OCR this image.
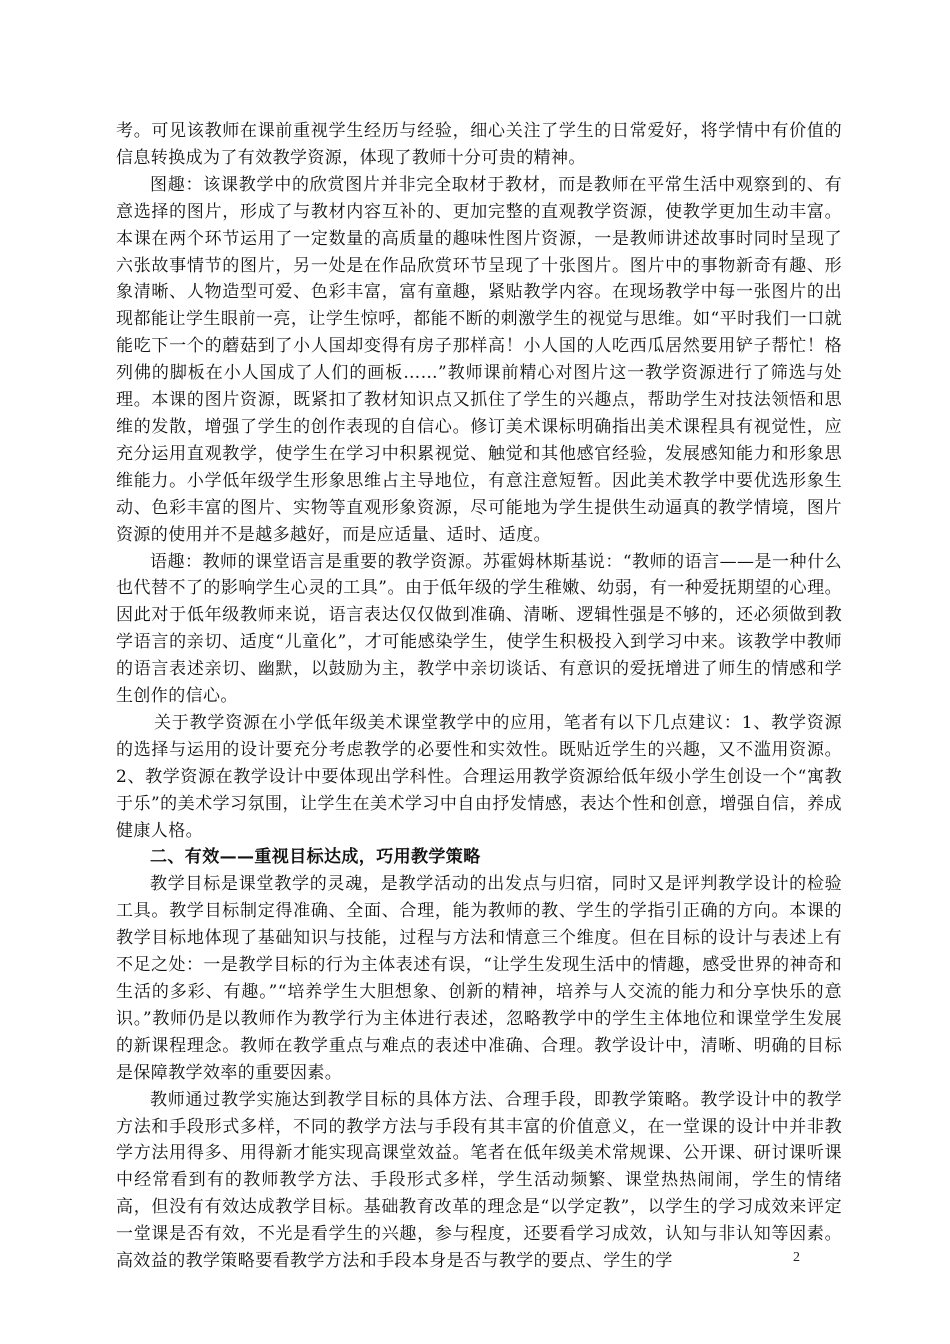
考。可见该教师在课前重视学生经历与经验，细心关注了学生的日常爱好，将学情中有价值的信息转换成为了有效教学资源，体现了教师十分可贵的精神。

图趣：该课教学中的欣赏图片并非完全取材于教材，而是教师在平常生活中观察到的、有意选择的图片，形成了与教材内容互补的、更加完整的直观教学资源，使教学更加生动丰富。本课在两个环节运用了一定数量的高质量的趣味性图片资源，一是教师讲述故事时同时呈现了六张故事情节的图片，另一处是在作品欣赏环节呈现了十张图片。图片中的事物新奇有趣、形象清晰、人物造型可爱、色彩丰富，富有童趣，紧贴教学内容。在现场教学中每一张图片的出现都能让学生眼前一亮，让学生惊呼，都能不断的刺激学生的视觉与思维。如“平时我们一口就能吃下一个的蘑菇到了小人国却变得有房子那样高！小人国的人吃西瓜居然要用铲子帮忙！格列佛的脚板在小人国成了人们的画板……”教师课前精心对图片这一教学资源进行了筛选与处理。本课的图片资源，既紧扣了教材知识点又抓住了学生的兴趣点，帮助学生对技法领悟和思维的发散，增强了学生的创作表现的自信心。修订美术课标明确指出美术课程具有视觉性，应充分运用直观教学，使学生在学习中积累视觉、触觉和其他感官经验，发展感知能力和形象思维能力。小学低年级学生形象思维占主导地位，有意注意短暂。因此美术教学中要优选形象生动、色彩丰富的图片、实物等直观形象资源，尽可能地为学生提供生动逼真的教学情境，图片资源的使用并不是越多越好，而是应适量、适时、适度。

语趣：教师的课堂语言是重要的教学资源。苏霍姆林斯基说：“教师的语言——是一种什么也代替不了的影响学生心灵的工具”。由于低年级的学生稚嫩、幼弱，有一种爱抚期望的心理。因此对于低年级教师来说，语言表达仅仅做到准确、清晰、逻辑性强是不够的，还必须做到教学语言的亲切、适度“儿童化”，才可能感染学生，使学生积极投入到学习中来。该教学中教师的语言表述亲切、幽默，以鼓励为主，教学中亲切谈话、有意识的爱抚增进了师生的情感和学生创作的信心。

关于教学资源在小学低年级美术课堂教学中的应用，笔者有以下几点建议：1、教学资源的选择与运用的设计要充分考虑教学的必要性和实效性。既贴近学生的兴趣，又不滥用资源。2、教学资源在教学设计中要体现出学科性。合理运用教学资源给低年级小学生创设一个“寓教于乐”的美术学习氛围，让学生在美术学习中自由抒发情感，表达个性和创意，增强自信，养成健康人格。

二、有效——重视目标达成，巧用教学策略

教学目标是课堂教学的灵魂，是教学活动的出发点与归宿，同时又是评判教学设计的检验工具。教学目标制定得准确、全面、合理，能为教师的教、学生的学指引正确的方向。本课的教学目标地体现了基础知识与技能，过程与方法和情意三个维度。但在目标的设计与表述上有不足之处：一是教学目标的行为主体表述有误，“让学生发现生活中的情趣，感受世界的神奇和生活的多彩、有趣。”“培养学生大胆想象、创新的精神，培养与人交流的能力和分享快乐的意识。”教师仍是以教师作为教学行为主体进行表述，忽略教学中的学生主体地位和课堂学生发展的新课程理念。教师在教学重点与难点的表述中准确、合理。教学设计中，清晰、明确的目标是保障教学效率的重要因素。

教师通过教学实施达到教学目标的具体方法、合理手段，即教学策略。教学设计中的教学方法和手段形式多样，不同的教学方法与手段有其丰富的价值意义，在一堂课的设计中并非教学方法用得多、用得新才能实现高课堂效益。笔者在低年级美术常规课、公开课、研讨课听课中经常看到有的教师教学方法、手段形式多样，学生活动频繁、课堂热热闹闹，学生的情绪高，但没有有效达成教学目标。基础教育改革的理念是“以学定教”，以学生的学习成效来评定一堂课是否有效，不光是看学生的兴趣，参与程度，还要看学习成效，认知与非认知等因素。高效益的教学策略要看教学方法和手段本身是否与教学的要点、学生的学	2
